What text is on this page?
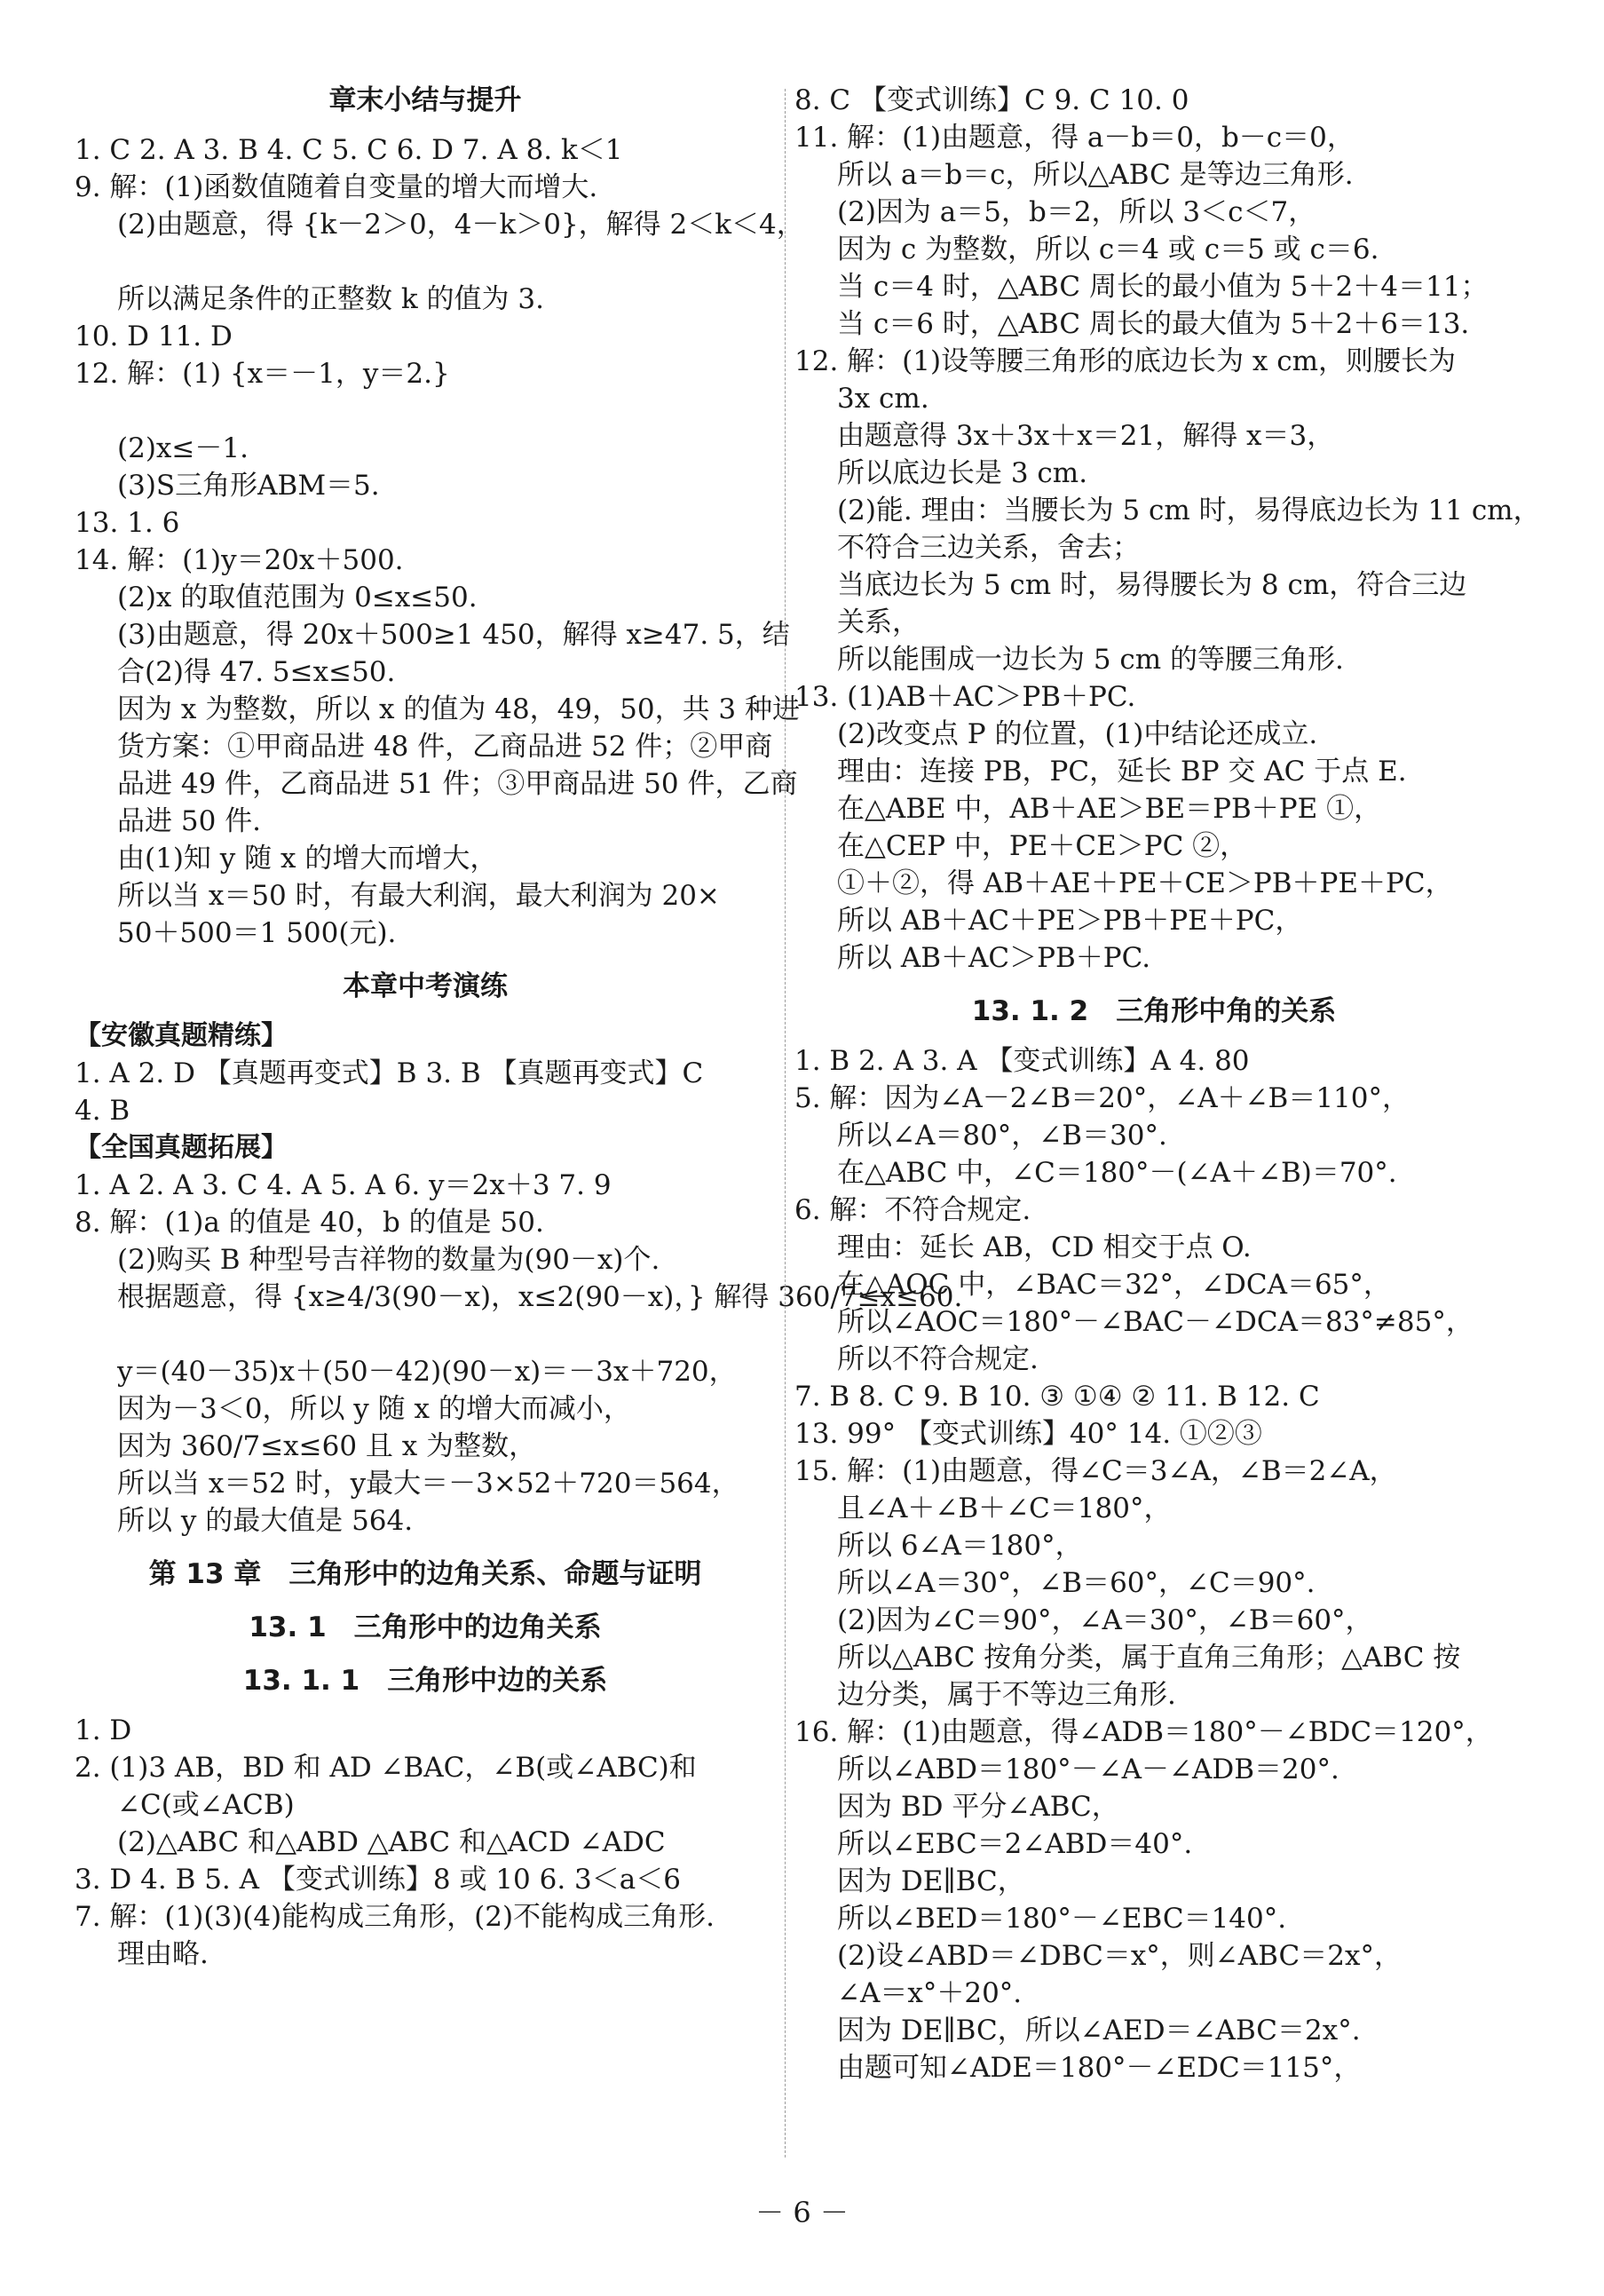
章末小结与提升
1. C 2. A 3. B 4. C 5. C 6. D 7. A 8. k＜1
9. 解：(1)函数值随着自变量的增大而增大.
(2)由题意，得 {k－2＞0，4－k＞0}，解得 2＜k＜4，
所以满足条件的正整数 k 的值为 3.
10. D 11. D
12. 解：(1) {x＝－1，y＝2.}
(2)x≤－1.
(3)S三角形ABM＝5.
13. 1. 6
14. 解：(1)y＝20x＋500.
(2)x 的取值范围为 0≤x≤50.
(3)由题意，得 20x＋500≥1 450，解得 x≥47. 5，结
合(2)得 47. 5≤x≤50.
因为 x 为整数，所以 x 的值为 48，49，50，共 3 种进
货方案：①甲商品进 48 件，乙商品进 52 件；②甲商
品进 49 件，乙商品进 51 件；③甲商品进 50 件，乙商
品进 50 件.
由(1)知 y 随 x 的增大而增大，
所以当 x＝50 时，有最大利润，最大利润为 20×
50＋500＝1 500(元).
本章中考演练
【安徽真题精练】
1. A 2. D 【真题再变式】B 3. B 【真题再变式】C
4. B
【全国真题拓展】
1. A 2. A 3. C 4. A 5. A 6. y＝2x＋3 7. 9
8. 解：(1)a 的值是 40，b 的值是 50.
(2)购买 B 种型号吉祥物的数量为(90－x)个.
根据题意，得 {x≥4/3(90－x)，x≤2(90－x)，} 解得 360/7≤x≤60.
y＝(40－35)x＋(50－42)(90－x)＝－3x＋720，
因为－3＜0，所以 y 随 x 的增大而减小，
因为 360/7≤x≤60 且 x 为整数，
所以当 x＝52 时，y最大＝－3×52＋720＝564，
所以 y 的最大值是 564.
第 13 章　三角形中的边角关系、命题与证明
13. 1　三角形中的边角关系
13. 1. 1　三角形中边的关系
1. D
2. (1)3 AB，BD 和 AD ∠BAC，∠B(或∠ABC)和
∠C(或∠ACB)
(2)△ABC 和△ABD △ABC 和△ACD ∠ADC
3. D 4. B 5. A 【变式训练】8 或 10 6. 3＜a＜6
7. 解：(1)(3)(4)能构成三角形，(2)不能构成三角形.
理由略.
8. C 【变式训练】C 9. C 10. 0
11. 解：(1)由题意，得 a－b＝0，b－c＝0，
所以 a＝b＝c，所以△ABC 是等边三角形.
(2)因为 a＝5，b＝2，所以 3＜c＜7，
因为 c 为整数，所以 c＝4 或 c＝5 或 c＝6.
当 c＝4 时，△ABC 周长的最小值为 5＋2＋4＝11；
当 c＝6 时，△ABC 周长的最大值为 5＋2＋6＝13.
12. 解：(1)设等腰三角形的底边长为 x cm，则腰长为
3x cm.
由题意得 3x＋3x＋x＝21，解得 x＝3，
所以底边长是 3 cm.
(2)能. 理由：当腰长为 5 cm 时，易得底边长为 11 cm，
不符合三边关系，舍去；
当底边长为 5 cm 时，易得腰长为 8 cm，符合三边
关系，
所以能围成一边长为 5 cm 的等腰三角形.
13. (1)AB＋AC＞PB＋PC.
(2)改变点 P 的位置，(1)中结论还成立.
理由：连接 PB，PC，延长 BP 交 AC 于点 E.
在△ABE 中，AB＋AE＞BE＝PB＋PE ①，
在△CEP 中，PE＋CE＞PC ②，
①＋②，得 AB＋AE＋PE＋CE＞PB＋PE＋PC，
所以 AB＋AC＋PE＞PB＋PE＋PC，
所以 AB＋AC＞PB＋PC.
13. 1. 2　三角形中角的关系
1. B 2. A 3. A 【变式训练】A 4. 80
5. 解：因为∠A－2∠B＝20°，∠A＋∠B＝110°，
所以∠A＝80°，∠B＝30°.
在△ABC 中，∠C＝180°－(∠A＋∠B)＝70°.
6. 解：不符合规定.
理由：延长 AB，CD 相交于点 O.
在△AOC 中，∠BAC＝32°，∠DCA＝65°，
所以∠AOC＝180°－∠BAC－∠DCA＝83°≠85°，
所以不符合规定.
7. B 8. C 9. B 10. ③ ①④ ② 11. B 12. C
13. 99° 【变式训练】40° 14. ①②③
15. 解：(1)由题意，得∠C＝3∠A，∠B＝2∠A，
且∠A＋∠B＋∠C＝180°，
所以 6∠A＝180°，
所以∠A＝30°，∠B＝60°，∠C＝90°.
(2)因为∠C＝90°，∠A＝30°，∠B＝60°，
所以△ABC 按角分类，属于直角三角形；△ABC 按
边分类，属于不等边三角形.
16. 解：(1)由题意，得∠ADB＝180°－∠BDC＝120°，
所以∠ABD＝180°－∠A－∠ADB＝20°.
因为 BD 平分∠ABC，
所以∠EBC＝2∠ABD＝40°.
因为 DE∥BC，
所以∠BED＝180°－∠EBC＝140°.
(2)设∠ABD＝∠DBC＝x°，则∠ABC＝2x°，
∠A＝x°＋20°.
因为 DE∥BC，所以∠AED＝∠ABC＝2x°.
由题可知∠ADE＝180°－∠EDC＝115°，
－ 6 －
